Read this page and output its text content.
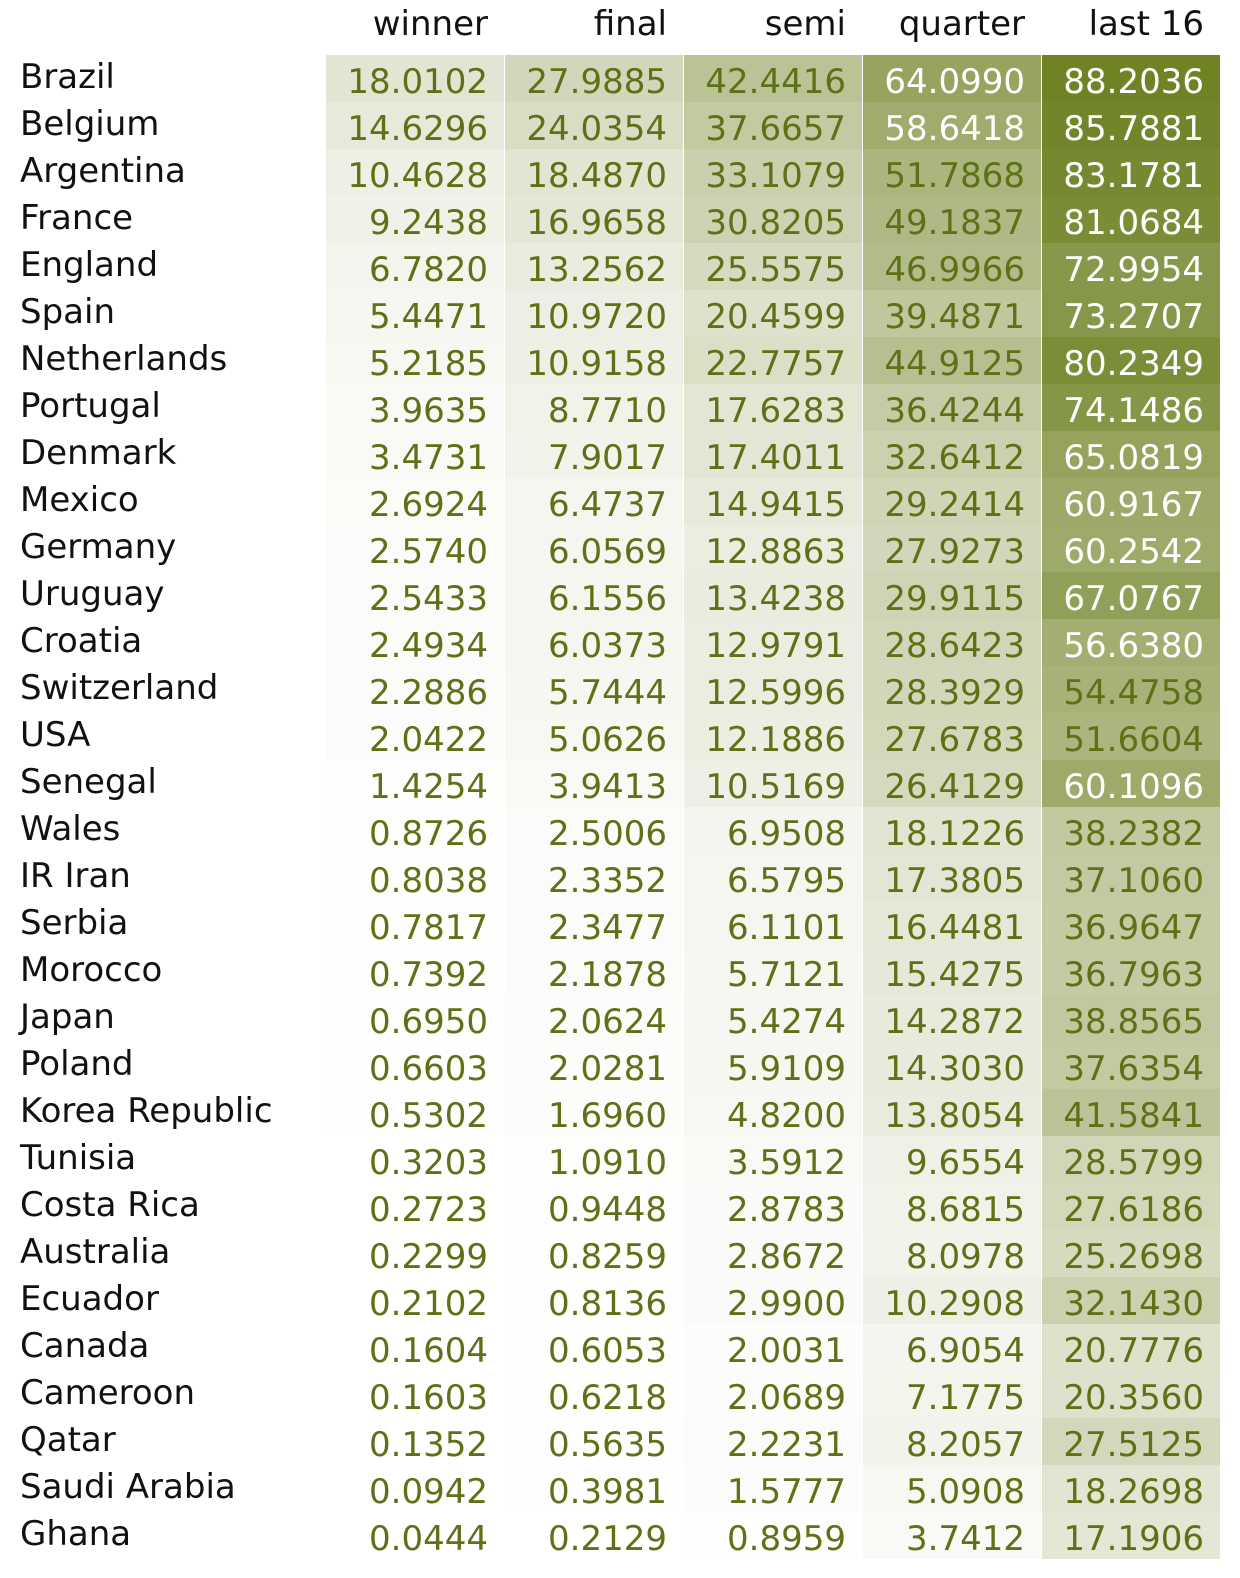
winner	final	semi	quarter	last 16
Brazil	18.0102	27.9885	42.4416	64.0990	88.2036
Belgium	14.6296	24.0354	37.6657	58.6418	85.7881
Argentina	10.4628	18.4870	33.1079	51.7868	83.1781
France	9.2438	16.9658	30.8205	49.1837	81.0684
England	6.7820	13.2562	25.5575	46.9966	72.9954
Spain	5.4471	10.9720	20.4599	39.4871	73.2707
Netherlands	5.2185	10.9158	22.7757	44.9125	80.2349
Portugal	3.9635	8.7710	17.6283	36.4244	74.1486
Denmark	3.4731	7.9017	17.4011	32.6412	65.0819
Mexico	2.6924	6.4737	14.9415	29.2414	60.9167
Germany	2.5740	6.0569	12.8863	27.9273	60.2542
Uruguay	2.5433	6.1556	13.4238	29.9115	67.0767
Croatia	2.4934	6.0373	12.9791	28.6423	56.6380
Switzerland	2.2886	5.7444	12.5996	28.3929	54.4758
USA	2.0422	5.0626	12.1886	27.6783	51.6604
Senegal	1.4254	3.9413	10.5169	26.4129	60.1096
Wales	0.8726	2.5006	6.9508	18.1226	38.2382
IR Iran	0.8038	2.3352	6.5795	17.3805	37.1060
Serbia	0.7817	2.3477	6.1101	16.4481	36.9647
Morocco	0.7392	2.1878	5.7121	15.4275	36.7963
Japan	0.6950	2.0624	5.4274	14.2872	38.8565
Poland	0.6603	2.0281	5.9109	14.3030	37.6354
Korea Republic	0.5302	1.6960	4.8200	13.8054	41.5841
Tunisia	0.3203	1.0910	3.5912	9.6554	28.5799
Costa Rica	0.2723	0.9448	2.8783	8.6815	27.6186
Australia	0.2299	0.8259	2.8672	8.0978	25.2698
Ecuador	0.2102	0.8136	2.9900	10.2908	32.1430
Canada	0.1604	0.6053	2.0031	6.9054	20.7776
Cameroon	0.1603	0.6218	2.0689	7.1775	20.3560
Qatar	0.1352	0.5635	2.2231	8.2057	27.5125
Saudi Arabia	0.0942	0.3981	1.5777	5.0908	18.2698
Ghana	0.0444	0.2129	0.8959	3.7412	17.1906
